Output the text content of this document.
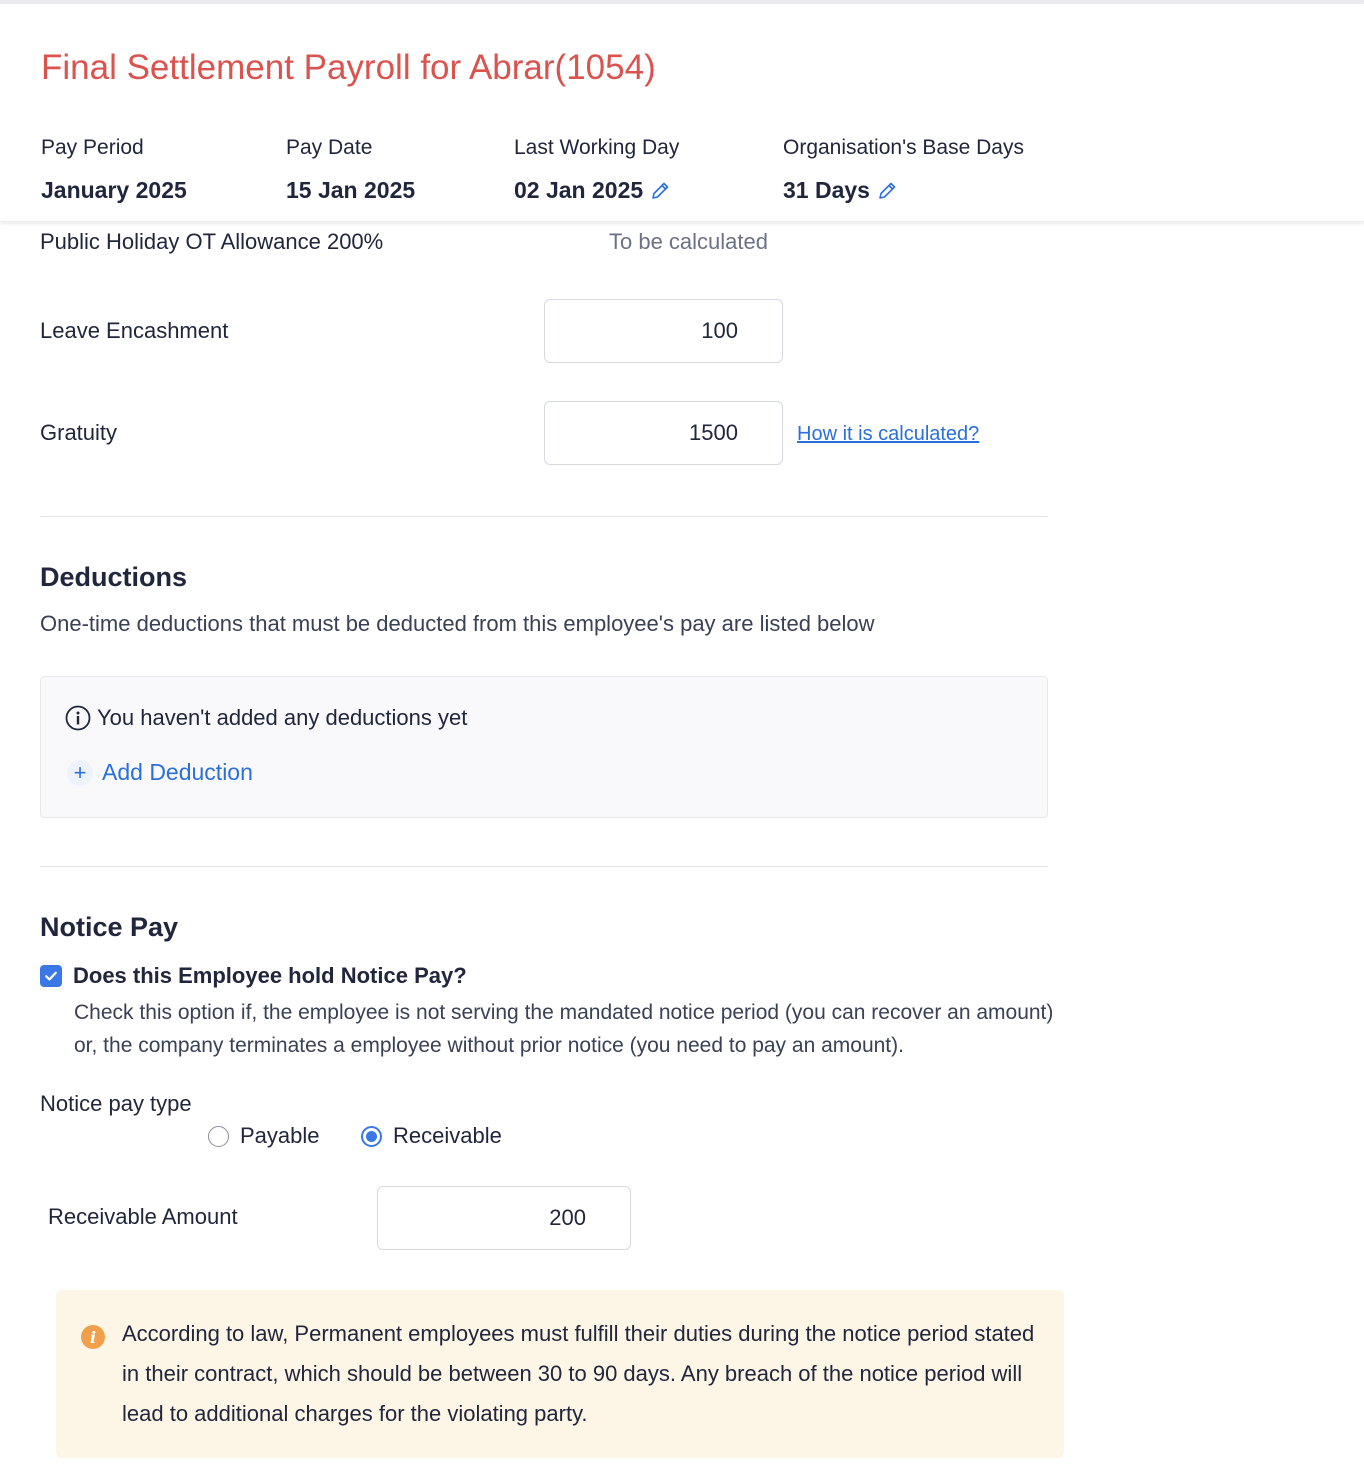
Public Holiday OT Allowance 200%	To be calculated
Leave Encashment	100
Gratuity	1500	How it is calculated?
Deductions
One-time deductions that must be deducted from this employee's pay are listed below
You haven't added any deductions yet
+ Add Deduction
Notice Pay
Does this Employee hold Notice Pay?
Check this option if, the employee is not serving the mandated notice period (you can recover an amount) or, the company terminates a employee without prior notice (you need to pay an amount).
Notice pay type
Payable	Receivable
Receivable Amount	200
i	According to law, Permanent employees must fulfill their duties during the notice period stated in their contract, which should be between 30 to 90 days. Any breach of the notice period will lead to additional charges for the violating party.
Final Settlement Payroll for Abrar(1054)
Pay Period
January 2025
Pay Date
15 Jan 2025
Last Working Day
02 Jan 2025
Organisation's Base Days
31 Days
